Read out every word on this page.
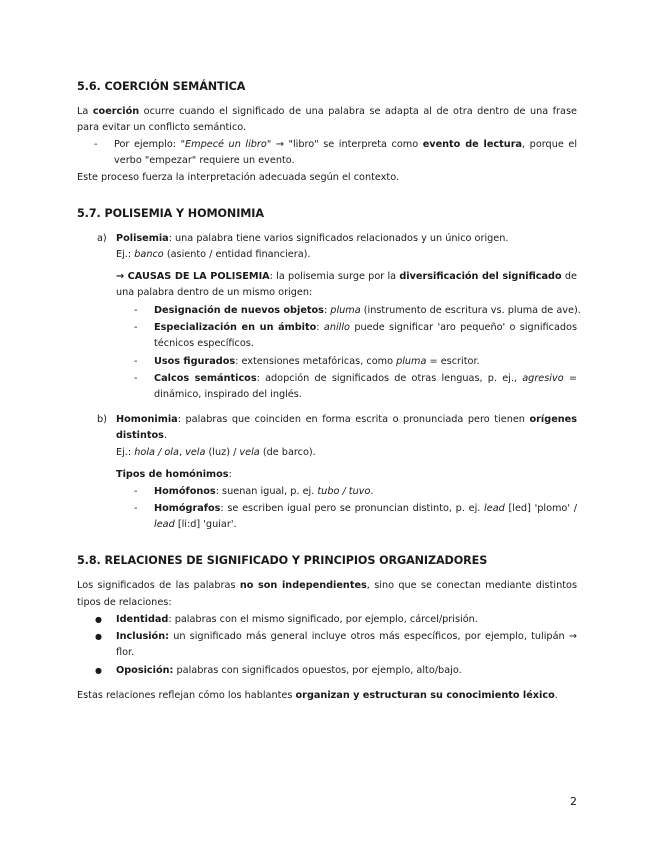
5.6. COERCIÓN SEMÁNTICA
La coerción ocurre cuando el significado de una palabra se adapta al de otra dentro de una frase
para evitar un conflicto semántico.
- Por ejemplo: "Empecé un libro" → "libro" se interpreta como evento de lectura, porque el
verbo "empezar" requiere un evento.
Este proceso fuerza la interpretación adecuada según el contexto.
5.7. POLISEMIA Y HOMONIMIA
a) Polisemia: una palabra tiene varios significados relacionados y un único origen.
Ej.: banco (asiento / entidad financiera).
→ CAUSAS DE LA POLISEMIA: la polisemia surge por la diversificación del significado de
una palabra dentro de un mismo origen:
- Designación de nuevos objetos: pluma (instrumento de escritura vs. pluma de ave).
- Especialización en un ámbito: anillo puede significar 'aro pequeño' o significados
técnicos específicos.
- Usos figurados: extensiones metafóricas, como pluma = escritor.
- Calcos semánticos: adopción de significados de otras lenguas, p. ej., agresivo =
dinámico, inspirado del inglés.
b) Homonimia: palabras que coinciden en forma escrita o pronunciada pero tienen orígenes
distintos.
Ej.: hola / ola, vela (luz) / vela (de barco).
Tipos de homónimos:
- Homófonos: suenan igual, p. ej. tubo / tuvo.
- Homógrafos: se escriben igual pero se pronuncian distinto, p. ej. lead [led] 'plomo' /
lead [li:d] 'guiar'.
5.8. RELACIONES DE SIGNIFICADO Y PRINCIPIOS ORGANIZADORES
Los significados de las palabras no son independientes, sino que se conectan mediante distintos
tipos de relaciones:
● Identidad: palabras con el mismo significado, por ejemplo, cárcel/prisión.
● Inclusión: un significado más general incluye otros más específicos, por ejemplo, tulipán →
flor.
● Oposición: palabras con significados opuestos, por ejemplo, alto/bajo.
Estas relaciones reflejan cómo los hablantes organizan y estructuran su conocimiento léxico.
2
